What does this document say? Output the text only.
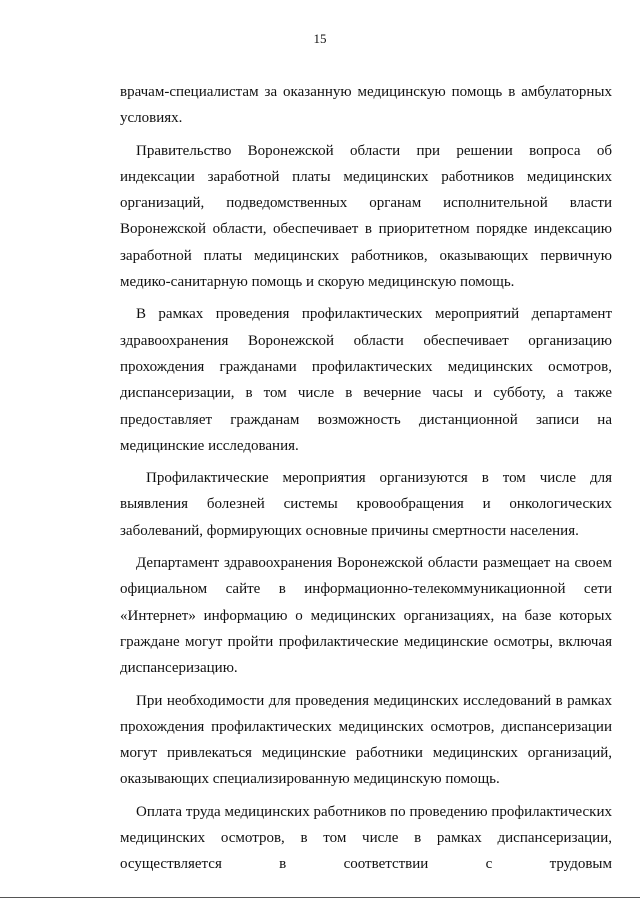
15

врачам-специалистам за оказанную медицинскую помощь в амбулаторных условиях.

Правительство Воронежской области при решении вопроса об индексации заработной платы медицинских работников медицинских организаций, подведомственных органам исполнительной власти Воронежской области, обеспечивает в приоритетном порядке индексацию заработной платы медицинских работников, оказывающих первичную медико-санитарную помощь и скорую медицинскую помощь.

В рамках проведения профилактических мероприятий департамент здравоохранения Воронежской области обеспечивает организацию прохождения гражданами профилактических медицинских осмотров, диспансеризации, в том числе в вечерние часы и субботу, а также предоставляет гражданам возможность дистанционной записи на медицинские исследования.

Профилактические мероприятия организуются в том числе для выявления болезней системы кровообращения и онкологических заболеваний, формирующих основные причины смертности населения.

Департамент здравоохранения Воронежской области размещает на своем официальном сайте в информационно-телекоммуникационной сети «Интернет» информацию о медицинских организациях, на базе которых граждане могут пройти профилактические медицинские осмотры, включая диспансеризацию.

При необходимости для проведения медицинских исследований в рамках прохождения профилактических медицинских осмотров, диспансеризации могут привлекаться медицинские работники медицинских организаций, оказывающих специализированную медицинскую помощь.

Оплата труда медицинских работников по проведению профилактических медицинских осмотров, в том числе в рамках диспансеризации, осуществляется в соответствии с трудовым
